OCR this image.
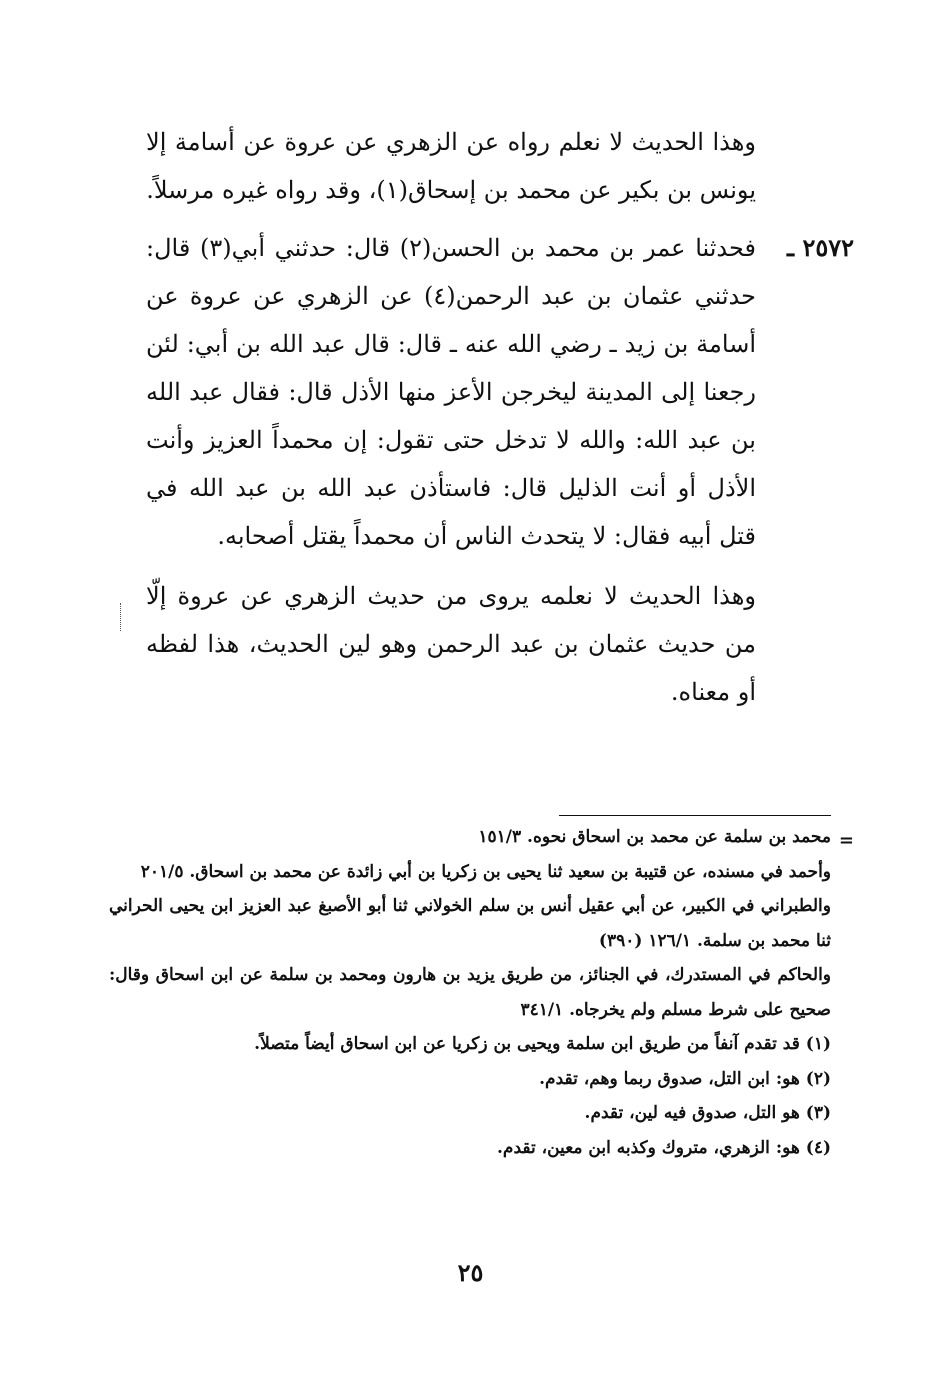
وهذا الحديث لا نعلم رواه عن الزهري عن عروة عن أسامة إلا يونس بن بكير عن محمد بن إسحاق(١)، وقد رواه غيره مرسلاً.

٢٥٧٢ ـ
فحدثنا عمر بن محمد بن الحسن(٢) قال: حدثني أبي(٣) قال: حدثني عثمان بن عبد الرحمن(٤) عن الزهري عن عروة عن أسامة بن زيد ـ رضي الله عنه ـ قال: قال عبد الله بن أبي: لئن رجعنا إلى المدينة ليخرجن الأعز منها الأذل قال: فقال عبد الله بن عبد الله: والله لا تدخل حتى تقول: إن محمداً العزيز وأنت الأذل أو أنت الذليل قال: فاستأذن عبد الله بن عبد الله في قتل أبيه فقال: لا يتحدث الناس أن محمداً يقتل أصحابه.

وهذا الحديث لا نعلمه يروى من حديث الزهري عن عروة إلّا من حديث عثمان بن عبد الرحمن وهو لين الحديث، هذا لفظه أو معناه.

=

محمد بن سلمة عن محمد بن اسحاق نحوه. ١٥١/٣

وأحمد في مسنده، عن قتيبة بن سعيد ثنا يحيى بن زكريا بن أبي زائدة عن محمد بن اسحاق. ٢٠١/٥

والطبراني في الكبير، عن أبي عقيل أنس بن سلم الخولاني ثنا أبو الأصبغ عبد العزيز ابن يحيى الحراني ثنا محمد بن سلمة. ١٢٦/١ (٣٩٠)

والحاكم في المستدرك، في الجنائز، من طريق يزيد بن هارون ومحمد بن سلمة عن ابن اسحاق وقال: صحيح على شرط مسلم ولم يخرجاه. ٣٤١/١

(١) قد تقدم آنفاً من طريق ابن سلمة ويحيى بن زكريا عن ابن اسحاق أيضاً متصلاً.

(٢) هو: ابن التل، صدوق ربما وهم، تقدم.

(٣) هو التل، صدوق فيه لين، تقدم.

(٤) هو: الزهري، متروك وكذبه ابن معين، تقدم.

٢٥
